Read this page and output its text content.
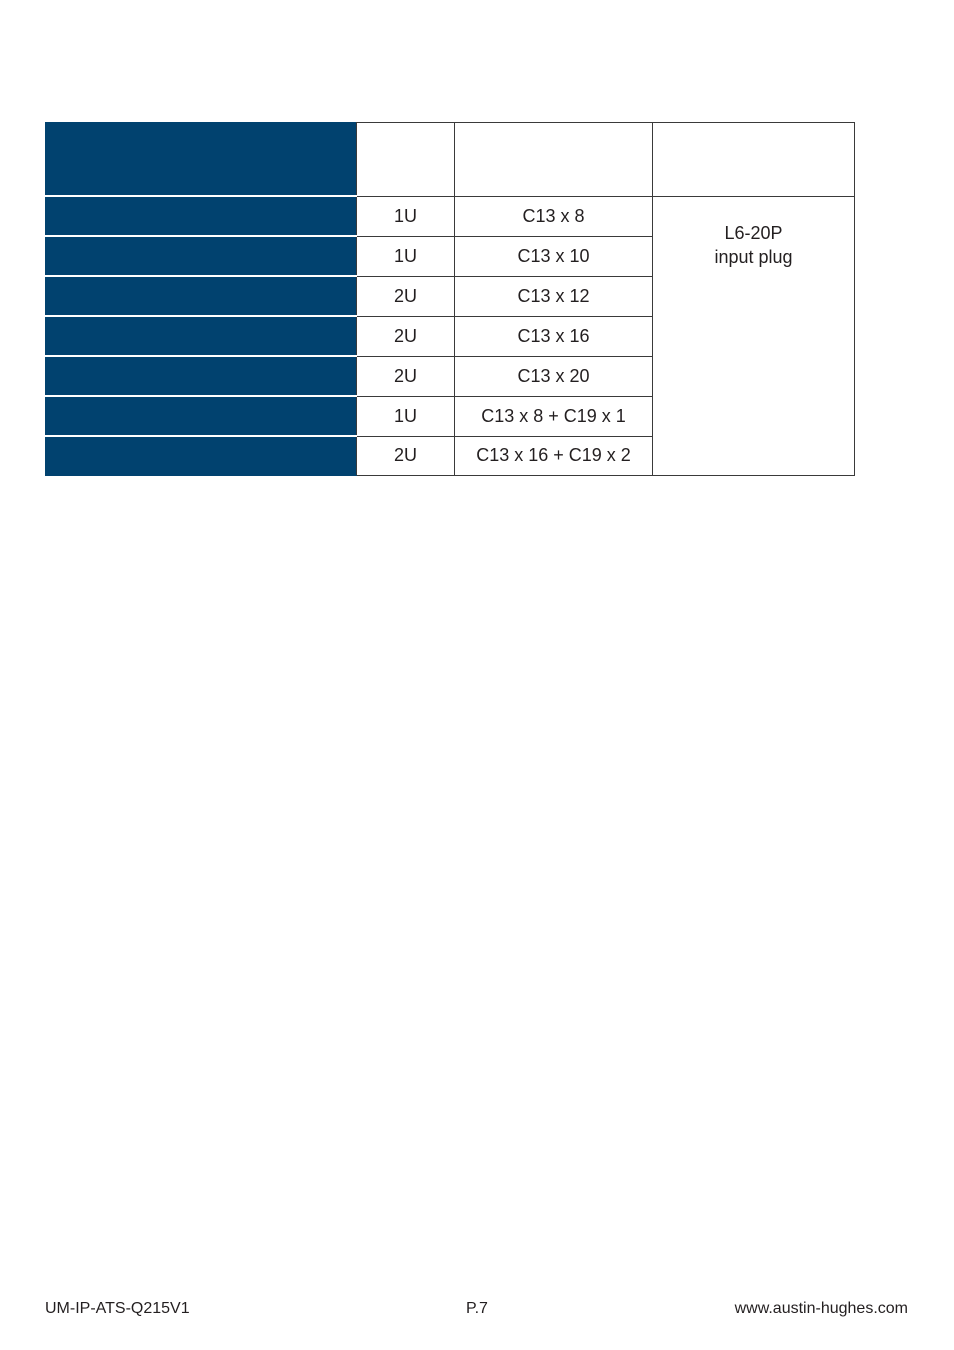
	1U	C13 x 8	L6-20P
input plug
	1U	C13 x 10	
	2U	C13 x 12	
	2U	C13 x 16	
	2U	C13 x 20	
	1U	C13 x 8 + C19 x 1	
	2U	C13 x 16 + C19 x 2	
UM-IP-ATS-Q215V1	P.7	www.austin-hughes.com
